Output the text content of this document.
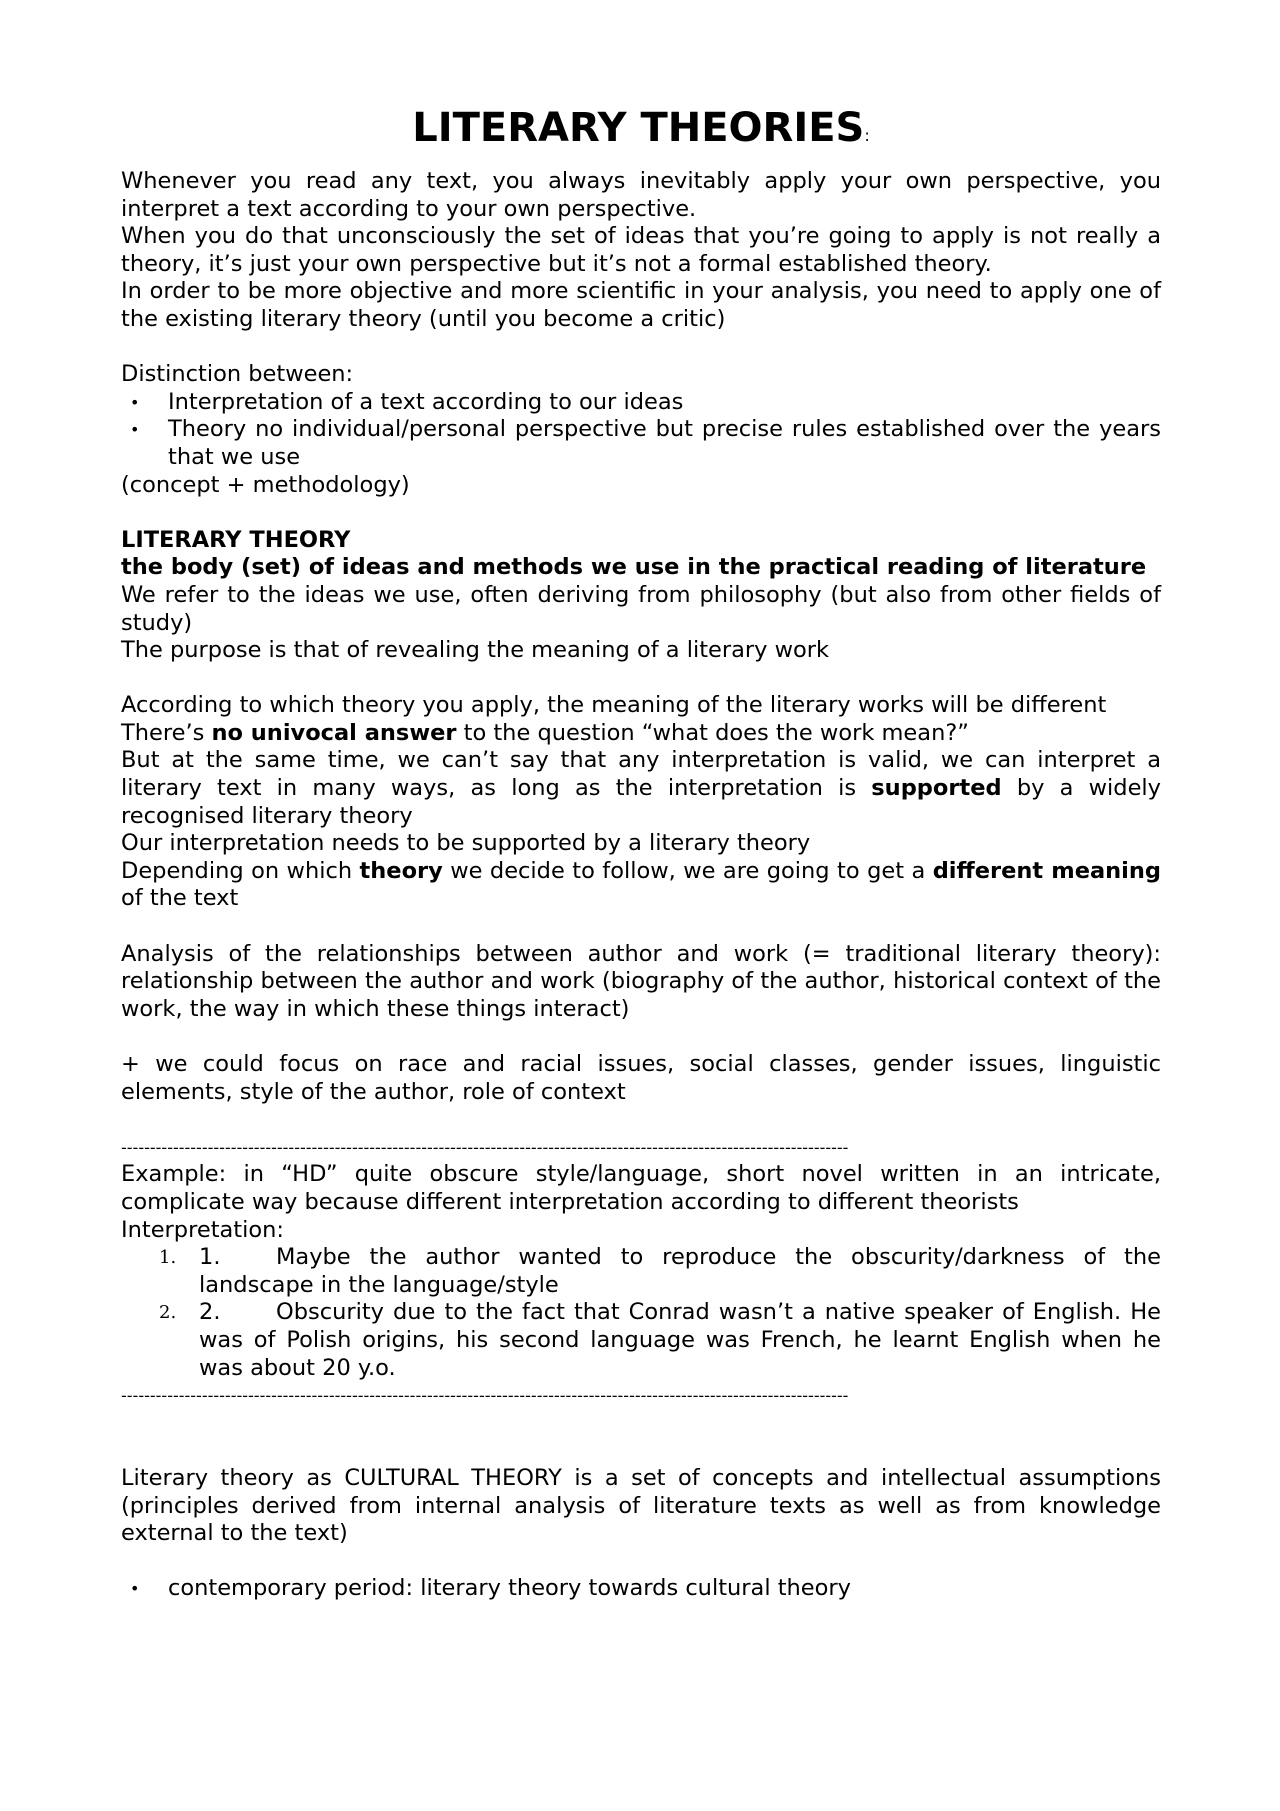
LITERARY THEORIES:

Whenever you read any text, you always inevitably apply your own perspective, you interpret a text according to your own perspective.

When you do that unconsciously the set of ideas that you’re going to apply is not really a theory, it’s just your own perspective but it’s not a formal established theory.

In order to be more objective and more scientific in your analysis, you need to apply one of the existing literary theory (until you become a critic)

Distinction between:

• Interpretation of a text according to our ideas
• Theory no individual/personal perspective but precise rules established over the years that we use

(concept + methodology)

LITERARY THEORY

the body (set) of ideas and methods we use in the practical reading of literature

We refer to the ideas we use, often deriving from philosophy (but also from other fields of study)

The purpose is that of revealing the meaning of a literary work

According to which theory you apply, the meaning of the literary works will be different

There’s no univocal answer to the question “what does the work mean?”

But at the same time, we can’t say that any interpretation is valid, we can interpret a literary text in many ways, as long as the interpretation is supported by a widely recognised literary theory

Our interpretation needs to be supported by a literary theory

Depending on which theory we decide to follow, we are going to get a different meaning of the text

Analysis of the relationships between author and work (= traditional literary theory): relationship between the author and work (biography of the author, historical context of the work, the way in which these things interact)

+ we could focus on race and racial issues, social classes, gender issues, linguistic elements, style of the author, role of context

------------------------------------------------------------------------------------------------------------------------------

Example: in “HD” quite obscure style/language, short novel written in an intricate, complicate way because different interpretation according to different theorists

Interpretation:

1. 1. Maybe the author wanted to reproduce the obscurity/darkness of the landscape in the language/style
2. 2. Obscurity due to the fact that Conrad wasn’t a native speaker of English. He was of Polish origins, his second language was French, he learnt English when he was about 20 y.o.
------------------------------------------------------------------------------------------------------------------------------

Literary theory as CULTURAL THEORY is a set of concepts and intellectual assumptions (principles derived from internal analysis of literature texts as well as from knowledge external to the text)

• contemporary period: literary theory towards cultural theory
